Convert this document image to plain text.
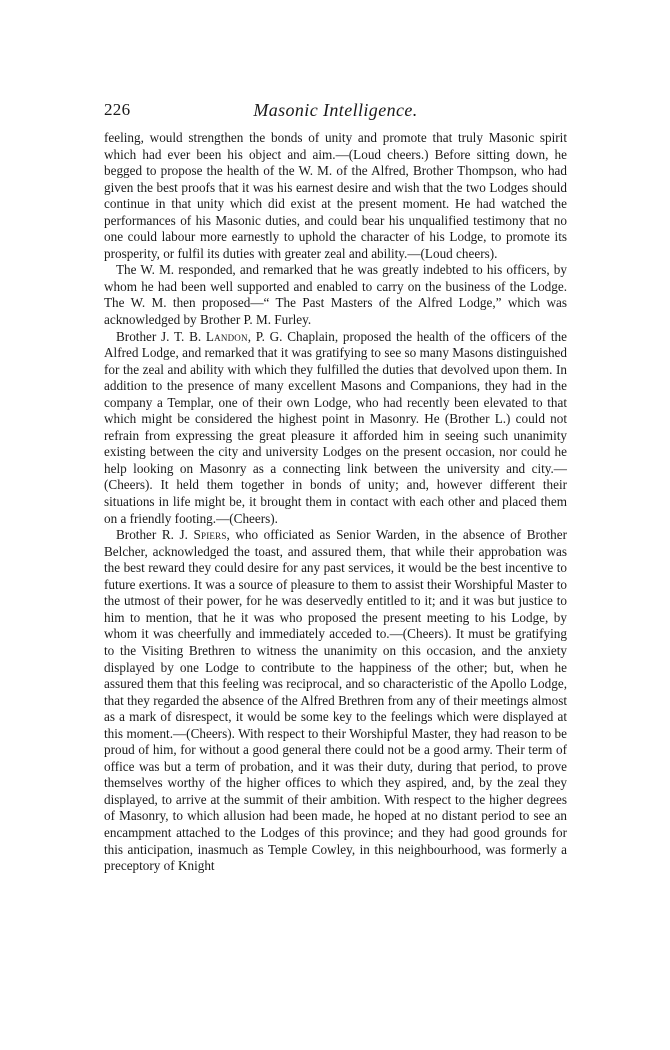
226	Masonic Intelligence.

feeling, would strengthen the bonds of unity and promote that truly Masonic spirit which had ever been his object and aim.—(Loud cheers.) Before sitting down, he begged to propose the health of the W. M. of the Alfred, Brother Thompson, who had given the best proofs that it was his earnest desire and wish that the two Lodges should continue in that unity which did exist at the present moment. He had watched the performances of his Masonic duties, and could bear his unqualified testimony that no one could labour more earnestly to uphold the character of his Lodge, to promote its prosperity, or fulfil its duties with greater zeal and ability.—(Loud cheers).

The W. M. responded, and remarked that he was greatly indebted to his officers, by whom he had been well supported and enabled to carry on the business of the Lodge. The W. M. then proposed—“ The Past Masters of the Alfred Lodge,” which was acknowledged by Brother P. M. Furley.

Brother J. T. B. Landon, P. G. Chaplain, proposed the health of the officers of the Alfred Lodge, and remarked that it was gratifying to see so many Masons distinguished for the zeal and ability with which they fulfilled the duties that devolved upon them. In addition to the presence of many excellent Masons and Companions, they had in the company a Templar, one of their own Lodge, who had recently been elevated to that which might be considered the highest point in Masonry. He (Brother L.) could not refrain from expressing the great pleasure it afforded him in seeing such unanimity existing between the city and university Lodges on the present occasion, nor could he help looking on Masonry as a connecting link between the university and city.—(Cheers). It held them together in bonds of unity; and, however different their situations in life might be, it brought them in contact with each other and placed them on a friendly footing.—(Cheers).

Brother R. J. Spiers, who officiated as Senior Warden, in the absence of Brother Belcher, acknowledged the toast, and assured them, that while their approbation was the best reward they could desire for any past services, it would be the best incentive to future exertions. It was a source of pleasure to them to assist their Worshipful Master to the utmost of their power, for he was deservedly entitled to it; and it was but justice to him to mention, that he it was who proposed the present meeting to his Lodge, by whom it was cheerfully and immediately acceded to.—(Cheers). It must be gratifying to the Visiting Brethren to witness the unanimity on this occasion, and the anxiety displayed by one Lodge to contribute to the happiness of the other; but, when he assured them that this feeling was reciprocal, and so characteristic of the Apollo Lodge, that they regarded the absence of the Alfred Brethren from any of their meetings almost as a mark of disrespect, it would be some key to the feelings which were displayed at this moment.—(Cheers). With respect to their Worshipful Master, they had reason to be proud of him, for without a good general there could not be a good army. Their term of office was but a term of probation, and it was their duty, during that period, to prove themselves worthy of the higher offices to which they aspired, and, by the zeal they displayed, to arrive at the summit of their ambition. With respect to the higher degrees of Masonry, to which allusion had been made, he hoped at no distant period to see an encampment attached to the Lodges of this province; and they had good grounds for this anticipation, inasmuch as Temple Cowley, in this neighbourhood, was formerly a preceptory of Knight
